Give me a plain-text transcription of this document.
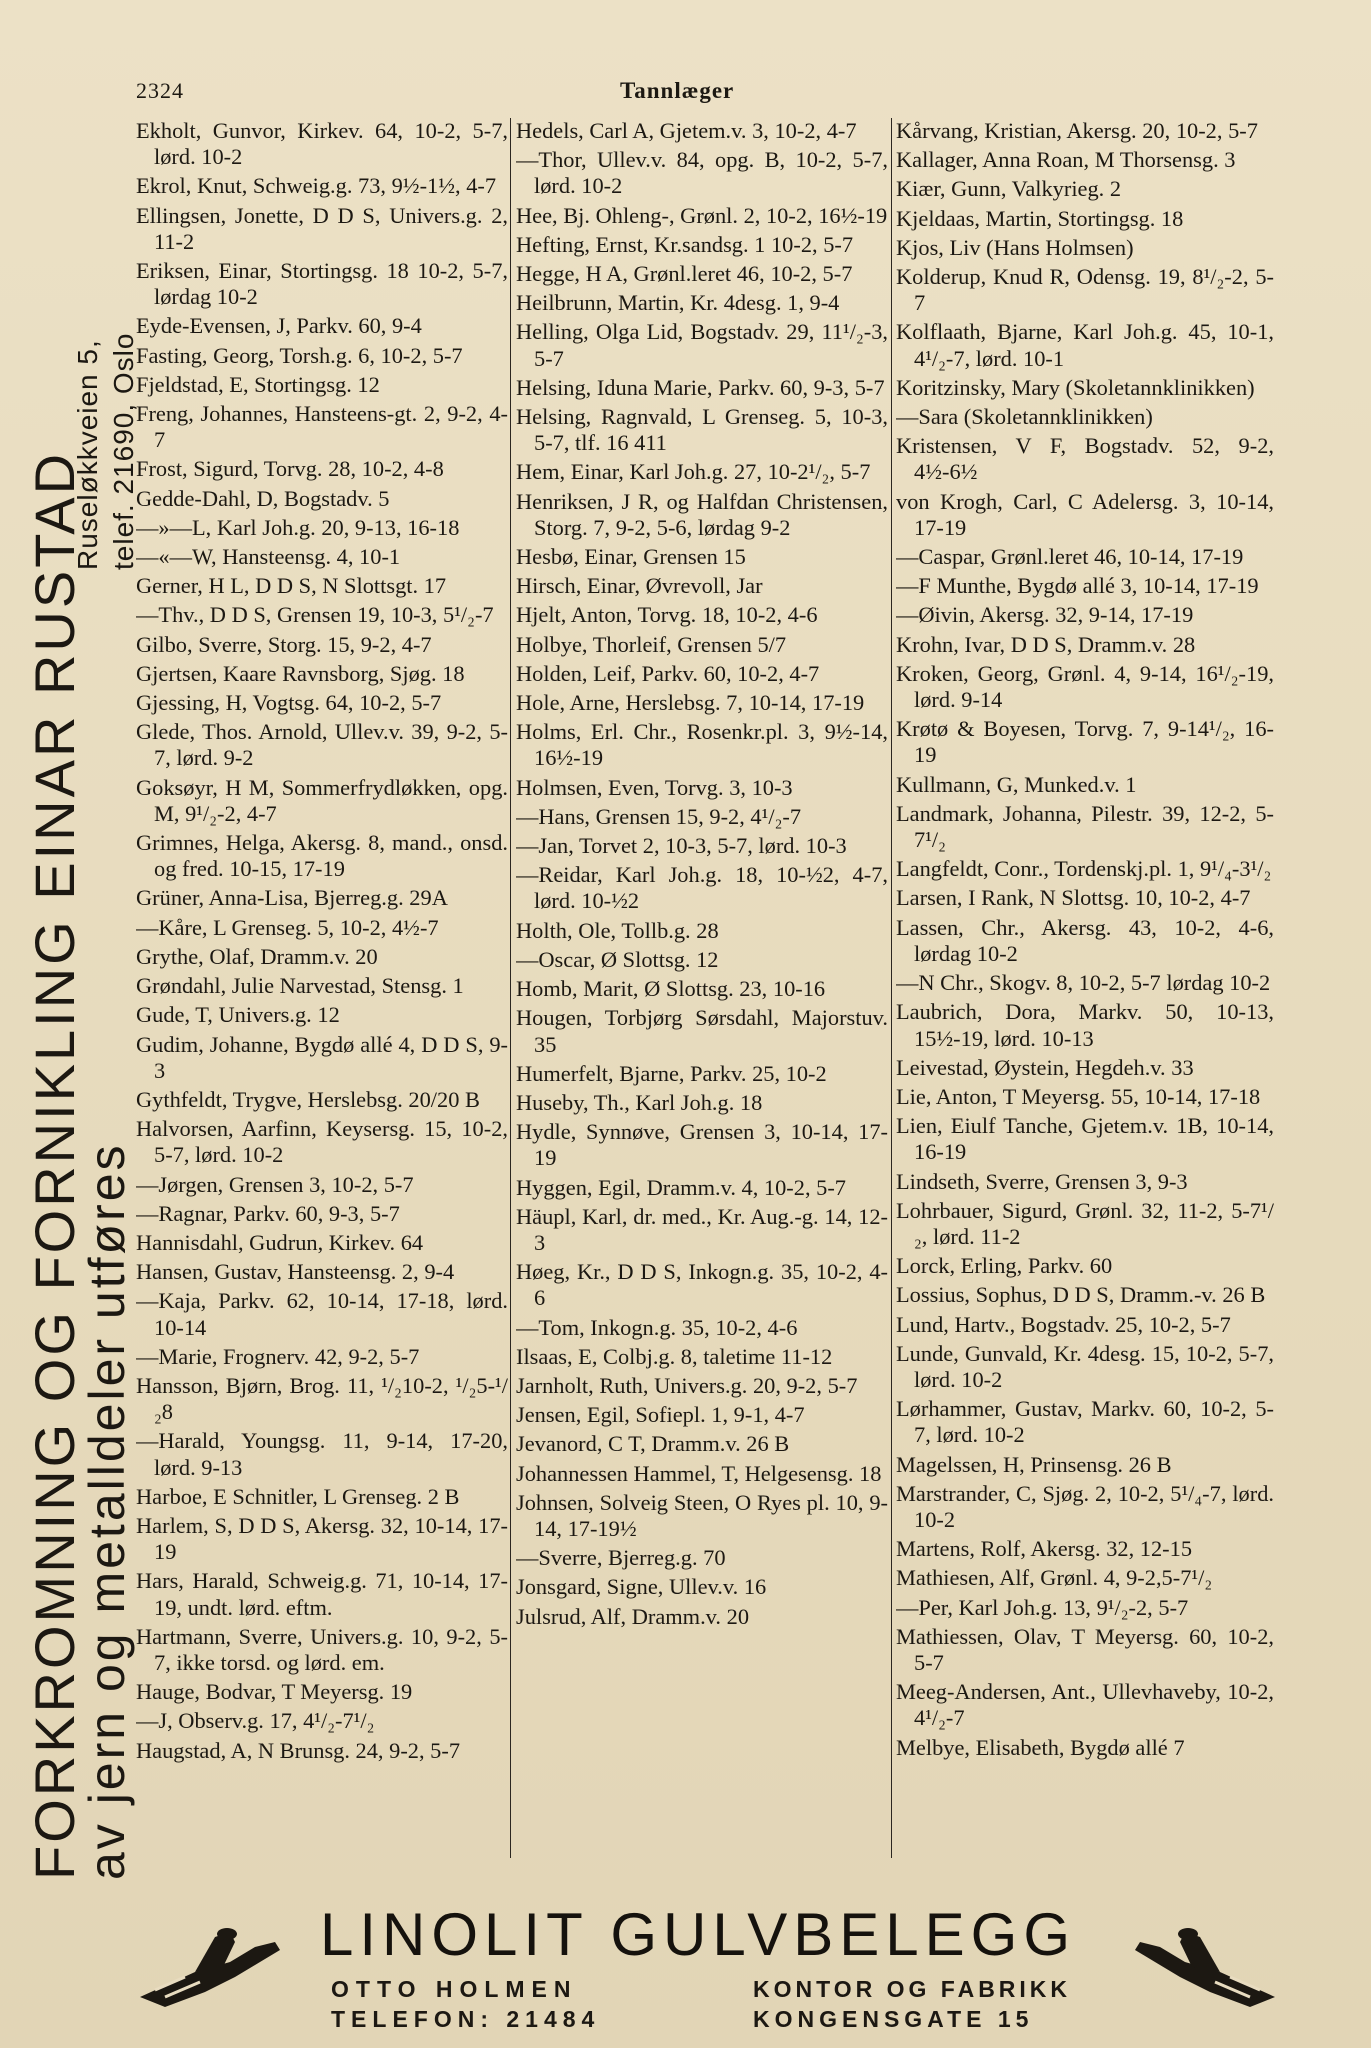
2324	Tannlæger
FORKROMNING OG FORNIKLING EINAR RUSTAD
av jern og metalldeler utføres
Ruseløkkveien 5, telef. 21690, Oslo

Ekholt, Gunvor, Kirkev. 64, 10-2, 5-7, lørd. 10-2

Ekrol, Knut, Schweig.g. 73, 9½-1½, 4-7

Ellingsen, Jonette, D D S, Univers.g. 2, 11-2

Eriksen, Einar, Stortingsg. 18 10-2, 5-7, lørdag 10-2

Eyde-Evensen, J, Parkv. 60, 9-4

Fasting, Georg, Torsh.g. 6, 10-2, 5-7

Fjeldstad, E, Stortingsg. 12

Freng, Johannes, Hansteens-gt. 2, 9-2, 4-7

Frost, Sigurd, Torvg. 28, 10-2, 4-8

Gedde-Dahl, D, Bogstadv. 5

—»—L, Karl Joh.g. 20, 9-13, 16-18

—«—W, Hansteensg. 4, 10-1

Gerner, H L, D D S, N Slottsgt. 17

—Thv., D D S, Grensen 19, 10-3, 5¹/₂-7

Gilbo, Sverre, Storg. 15, 9-2, 4-7

Gjertsen, Kaare Ravnsborg, Sjøg. 18

Gjessing, H, Vogtsg. 64, 10-2, 5-7

Glede, Thos. Arnold, Ullev.v. 39, 9-2, 5-7, lørd. 9-2

Goksøyr, H M, Sommerfrydløkken, opg. M, 9¹/₂-2, 4-7

Grimnes, Helga, Akersg. 8, mand., onsd. og fred. 10-15, 17-19

Grüner, Anna-Lisa, Bjerreg.g. 29A

—Kåre, L Grenseg. 5, 10-2, 4½-7

Grythe, Olaf, Dramm.v. 20

Grøndahl, Julie Narvestad, Stensg. 1

Gude, T, Univers.g. 12

Gudim, Johanne, Bygdø allé 4, D D S, 9-3

Gythfeldt, Trygve, Herslebsg. 20/20 B

Halvorsen, Aarfinn, Keysersg. 15, 10-2, 5-7, lørd. 10-2

—Jørgen, Grensen 3, 10-2, 5-7

—Ragnar, Parkv. 60, 9-3, 5-7

Hannisdahl, Gudrun, Kirkev. 64

Hansen, Gustav, Hansteensg. 2, 9-4

—Kaja, Parkv. 62, 10-14, 17-18, lørd. 10-14

—Marie, Frognerv. 42, 9-2, 5-7

Hansson, Bjørn, Brog. 11, ¹/₂10-2, ¹/₂5-¹/₂8

—Harald, Youngsg. 11, 9-14, 17-20, lørd. 9-13

Harboe, E Schnitler, L Grenseg. 2 B

Harlem, S, D D S, Akersg. 32, 10-14, 17-19

Hars, Harald, Schweig.g. 71, 10-14, 17-19, undt. lørd. eftm.

Hartmann, Sverre, Univers.g. 10, 9-2, 5-7, ikke torsd. og lørd. em.

Hauge, Bodvar, T Meyersg. 19

—J, Observ.g. 17, 4¹/₂-7¹/₂

Haugstad, A, N Brunsg. 24, 9-2, 5-7

Hedels, Carl A, Gjetem.v. 3, 10-2, 4-7

—Thor, Ullev.v. 84, opg. B, 10-2, 5-7, lørd. 10-2

Hee, Bj. Ohleng-, Grønl. 2, 10-2, 16½-19

Hefting, Ernst, Kr.sandsg. 1 10-2, 5-7

Hegge, H A, Grønl.leret 46, 10-2, 5-7

Heilbrunn, Martin, Kr. 4desg. 1, 9-4

Helling, Olga Lid, Bogstadv. 29, 11¹/₂-3, 5-7

Helsing, Iduna Marie, Parkv. 60, 9-3, 5-7

Helsing, Ragnvald, L Grenseg. 5, 10-3, 5-7, tlf. 16 411

Hem, Einar, Karl Joh.g. 27, 10-2¹/₂, 5-7

Henriksen, J R, og Halfdan Christensen, Storg. 7, 9-2, 5-6, lørdag 9-2

Hesbø, Einar, Grensen 15

Hirsch, Einar, Øvrevoll, Jar

Hjelt, Anton, Torvg. 18, 10-2, 4-6

Holbye, Thorleif, Grensen 5/7

Holden, Leif, Parkv. 60, 10-2, 4-7

Hole, Arne, Herslebsg. 7, 10-14, 17-19

Holms, Erl. Chr., Rosenkr.pl. 3, 9½-14, 16½-19

Holmsen, Even, Torvg. 3, 10-3

—Hans, Grensen 15, 9-2, 4¹/₂-7

—Jan, Torvet 2, 10-3, 5-7, lørd. 10-3

—Reidar, Karl Joh.g. 18, 10-½2, 4-7, lørd. 10-½2

Holth, Ole, Tollb.g. 28

—Oscar, Ø Slottsg. 12

Homb, Marit, Ø Slottsg. 23, 10-16

Hougen, Torbjørg Sørsdahl, Majorstuv. 35

Humerfelt, Bjarne, Parkv. 25, 10-2

Huseby, Th., Karl Joh.g. 18

Hydle, Synnøve, Grensen 3, 10-14, 17-19

Hyggen, Egil, Dramm.v. 4, 10-2, 5-7

Häupl, Karl, dr. med., Kr. Aug.-g. 14, 12-3

Høeg, Kr., D D S, Inkogn.g. 35, 10-2, 4-6

—Tom, Inkogn.g. 35, 10-2, 4-6

Ilsaas, E, Colbj.g. 8, taletime 11-12

Jarnholt, Ruth, Univers.g. 20, 9-2, 5-7

Jensen, Egil, Sofiepl. 1, 9-1, 4-7

Jevanord, C T, Dramm.v. 26 B

Johannessen Hammel, T, Helgesensg. 18

Johnsen, Solveig Steen, O Ryes pl. 10, 9-14, 17-19½

—Sverre, Bjerreg.g. 70

Jonsgard, Signe, Ullev.v. 16

Julsrud, Alf, Dramm.v. 20

Kårvang, Kristian, Akersg. 20, 10-2, 5-7

Kallager, Anna Roan, M Thorsensg. 3

Kiær, Gunn, Valkyrieg. 2

Kjeldaas, Martin, Stortingsg. 18

Kjos, Liv (Hans Holmsen)

Kolderup, Knud R, Odensg. 19, 8¹/₂-2, 5-7

Kolflaath, Bjarne, Karl Joh.g. 45, 10-1, 4¹/₂-7, lørd. 10-1

Koritzinsky, Mary (Skoletannklinikken)

—Sara (Skoletannklinikken)

Kristensen, V F, Bogstadv. 52, 9-2, 4½-6½

von Krogh, Carl, C Adelersg. 3, 10-14, 17-19

—Caspar, Grønl.leret 46, 10-14, 17-19

—F Munthe, Bygdø allé 3, 10-14, 17-19

—Øivin, Akersg. 32, 9-14, 17-19

Krohn, Ivar, D D S, Dramm.v. 28

Kroken, Georg, Grønl. 4, 9-14, 16¹/₂-19, lørd. 9-14

Krøtø & Boyesen, Torvg. 7, 9-14¹/₂, 16-19

Kullmann, G, Munked.v. 1

Landmark, Johanna, Pilestr. 39, 12-2, 5-7¹/₂

Langfeldt, Conr., Tordenskj.pl. 1, 9¹/₄-3¹/₂

Larsen, I Rank, N Slottsg. 10, 10-2, 4-7

Lassen, Chr., Akersg. 43, 10-2, 4-6, lørdag 10-2

—N Chr., Skogv. 8, 10-2, 5-7 lørdag 10-2

Laubrich, Dora, Markv. 50, 10-13, 15½-19, lørd. 10-13

Leivestad, Øystein, Hegdeh.v. 33

Lie, Anton, T Meyersg. 55, 10-14, 17-18

Lien, Eiulf Tanche, Gjetem.v. 1B, 10-14, 16-19

Lindseth, Sverre, Grensen 3, 9-3

Lohrbauer, Sigurd, Grønl. 32, 11-2, 5-7¹/₂, lørd. 11-2

Lorck, Erling, Parkv. 60

Lossius, Sophus, D D S, Dramm.-v. 26 B

Lund, Hartv., Bogstadv. 25, 10-2, 5-7

Lunde, Gunvald, Kr. 4desg. 15, 10-2, 5-7, lørd. 10-2

Lørhammer, Gustav, Markv. 60, 10-2, 5-7, lørd. 10-2

Magelssen, H, Prinsensg. 26 B

Marstrander, C, Sjøg. 2, 10-2, 5¹/₄-7, lørd. 10-2

Martens, Rolf, Akersg. 32, 12-15

Mathiesen, Alf, Grønl. 4, 9-2,5-7¹/₂

—Per, Karl Joh.g. 13, 9¹/₂-2, 5-7

Mathiessen, Olav, T Meyersg. 60, 10-2, 5-7

Meeg-Andersen, Ant., Ullevhaveby, 10-2, 4¹/₂-7

Melbye, Elisabeth, Bygdø allé 7

LINOLIT GULVBELEGG
OTTO HOLMEN
TELEFON: 21484
KONTOR OG FABRIKK
KONGENSGATE 15
